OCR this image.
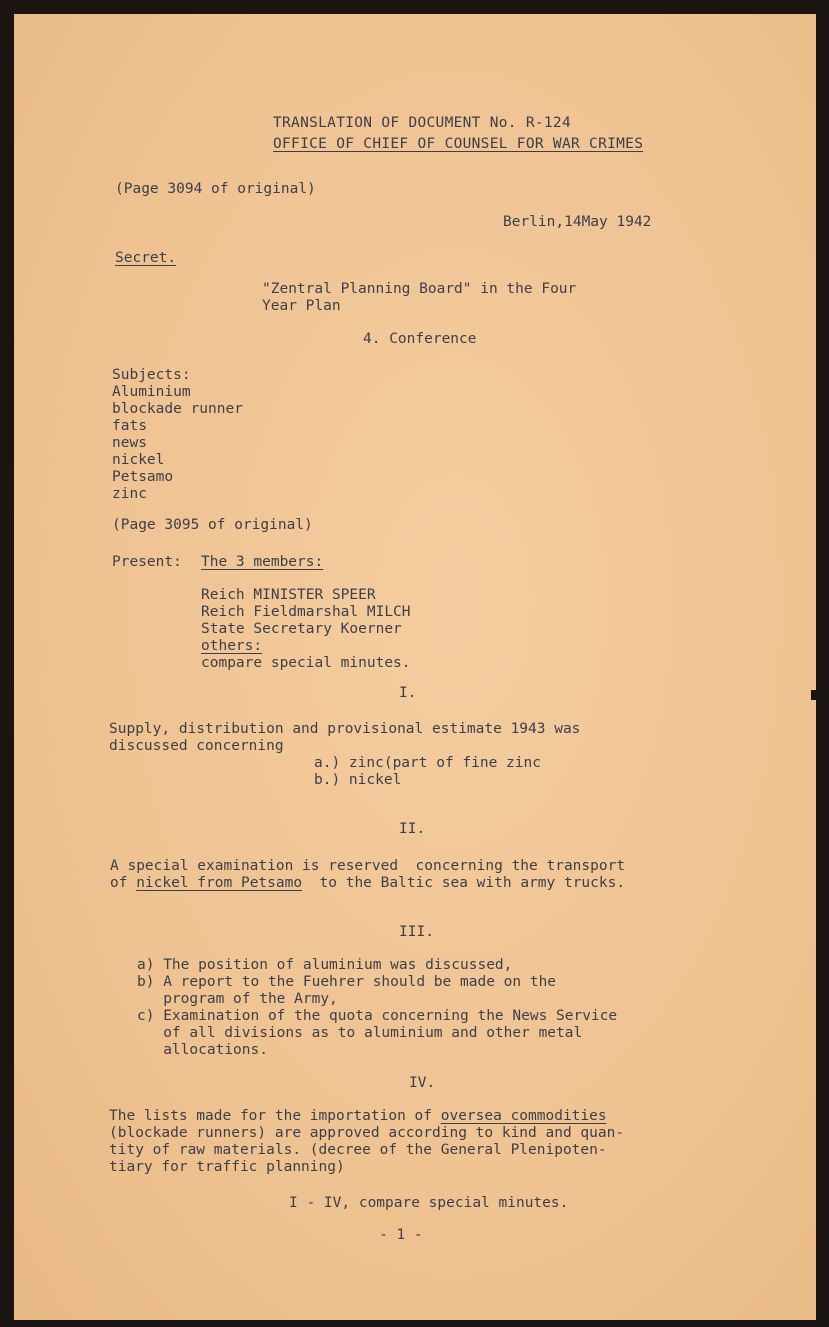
TRANSLATION OF DOCUMENT No. R-124
OFFICE OF CHIEF OF COUNSEL FOR WAR CRIMES
(Page 3094 of original)
Berlin,14May 1942
Secret.
"Zentral Planning Board" in the Four
Year Plan
4. Conference
Subjects:
Aluminium
blockade runner
fats
news
nickel
Petsamo
zinc
(Page 3095 of original)
Present: The 3 members:
Reich MINISTER SPEER
Reich Fieldmarshal MILCH
State Secretary Koerner
others:
compare special minutes.
I.
Supply, distribution and provisional estimate 1943 was
discussed concerning
a.) zinc(part of fine zinc
b.) nickel
II.
A special examination is reserved  concerning the transport
of nickel from Petsamo  to the Baltic sea with army trucks.
III.
a) The position of aluminium was discussed,
b) A report to the Fuehrer should be made on the
program of the Army,
c) Examination of the quota concerning the News Service
of all divisions as to aluminium and other metal
allocations.
IV.
The lists made for the importation of oversea commodities
(blockade runners) are approved according to kind and quan-
tity of raw materials. (decree of the General Plenipoten-
tiary for traffic planning)
I - IV, compare special minutes.
- 1 -
